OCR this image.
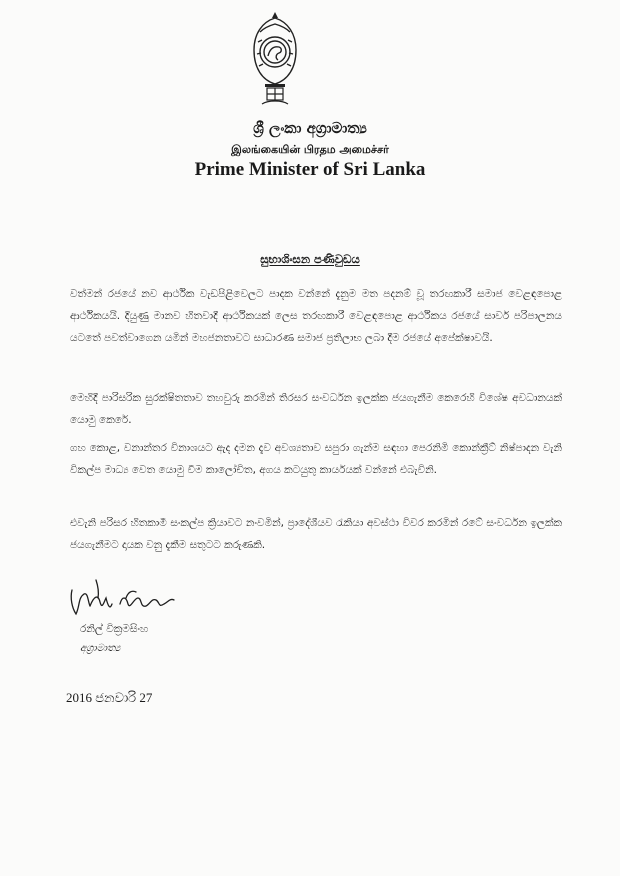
ශ්‍රී ලංකා අග්‍රාමාත්‍ය
இலங்கையின் பிரதம அமைச்சர்
Prime Minister of Sri Lanka
සුභාශිංසන පණිවුඩය
වත්මන් රජයේ නව ආර්ථික වැඩපිළිවෙලට පාදක වන්නේ දැනුම මත පදනම් වූ තරඟකාරී සමාජ වෙළඳපොළ ආර්ථිකයයි. දියුණු මානව හිතවාදී ආර්ථිකයක් ලෙස තරඟකාරී වෙළඳපොළ ආර්ථිකය රජයේ සාර්ව පරිපාලනය යටතේ පවත්වාගෙන යමින් මහජනතාවට සාධාරණ සමාජ ප්‍රතිලාභ ලබා දීම රජයේ අපේක්ෂාවයි.
මෙහිදී පාරිසරික සුරක්ෂිතතාව තහවුරු කරමින් තිරසර සංවර්ධන ඉලක්ක ජයගැනීම කෙරෙහි විශේෂ අවධානයක් යොමු කෙරේ.
ගහ කොළ, වනාන්තර විනාශයට ඇද දමන දැව අවශ්‍යතාව සපුරා ගැන්ම සඳහා පෙරනිමි කොන්ක්‍රීට් නිෂ්පාදන වැනි විකල්ප මාධ්‍ය වෙත යොමු වීම කාලෝචිත, අගය කටයුතු කාර්යයක් වන්නේ එබැවිනි.
එවැනි පරිසර හිතකාමී සංකල්ප ක්‍රියාවට නංවමින්, ප්‍රාදේශීයව රැකියා අවස්ථා විවර කරමින් රටේ සංවර්ධන ඉලක්ක ජයගැනීමට දායක වනු දැකීම සතුටට කරුණකි.
රනිල් වික්‍රමසිංහ
අග්‍රාමාත්‍ය
2016 ජනවාරි 27
